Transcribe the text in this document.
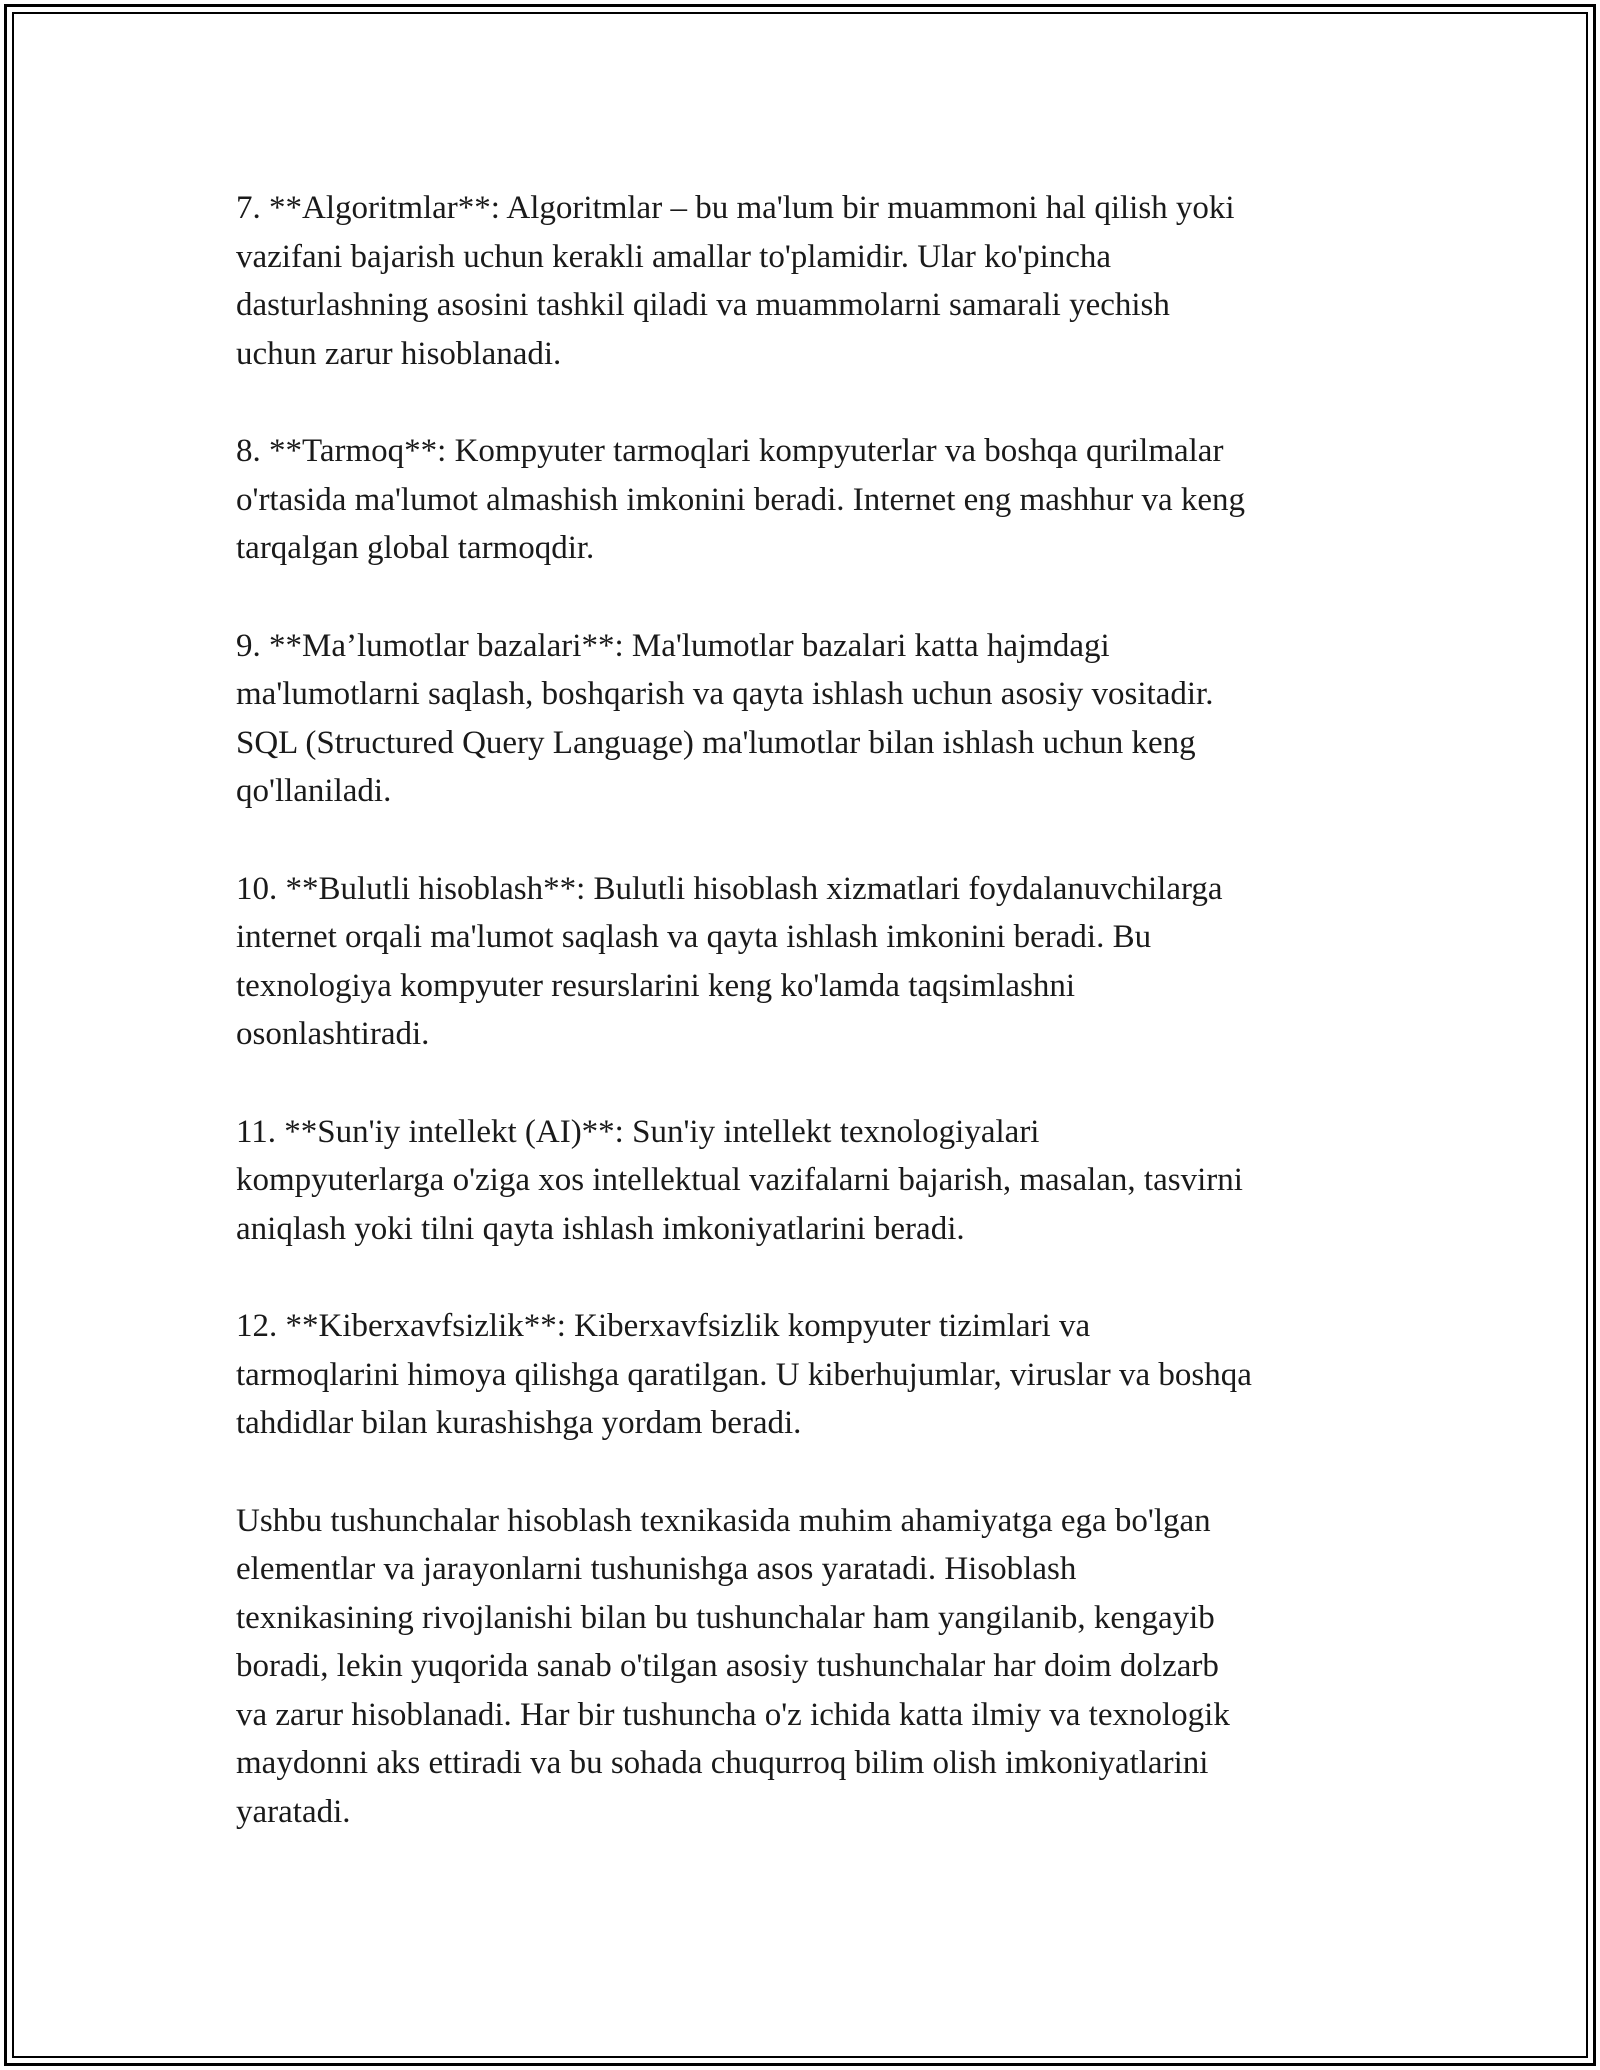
7. **Algoritmlar**: Algoritmlar – bu ma'lum bir muammoni hal qilish yoki
vazifani bajarish uchun kerakli amallar to'plamidir. Ular ko'pincha
dasturlashning asosini tashkil qiladi va muammolarni samarali yechish
uchun zarur hisoblanadi.

8. **Tarmoq**: Kompyuter tarmoqlari kompyuterlar va boshqa qurilmalar
o'rtasida ma'lumot almashish imkonini beradi. Internet eng mashhur va keng
tarqalgan global tarmoqdir.

9. **Ma’lumotlar bazalari**: Ma'lumotlar bazalari katta hajmdagi
ma'lumotlarni saqlash, boshqarish va qayta ishlash uchun asosiy vositadir.
SQL (Structured Query Language) ma'lumotlar bilan ishlash uchun keng
qo'llaniladi.

10. **Bulutli hisoblash**: Bulutli hisoblash xizmatlari foydalanuvchilarga
internet orqali ma'lumot saqlash va qayta ishlash imkonini beradi. Bu
texnologiya kompyuter resurslarini keng ko'lamda taqsimlashni
osonlashtiradi.

11. **Sun'iy intellekt (AI)**: Sun'iy intellekt texnologiyalari
kompyuterlarga o'ziga xos intellektual vazifalarni bajarish, masalan, tasvirni
aniqlash yoki tilni qayta ishlash imkoniyatlarini beradi.

12. **Kiberxavfsizlik**: Kiberxavfsizlik kompyuter tizimlari va
tarmoqlarini himoya qilishga qaratilgan. U kiberhujumlar, viruslar va boshqa
tahdidlar bilan kurashishga yordam beradi.

Ushbu tushunchalar hisoblash texnikasida muhim ahamiyatga ega bo'lgan
elementlar va jarayonlarni tushunishga asos yaratadi. Hisoblash
texnikasining rivojlanishi bilan bu tushunchalar ham yangilanib, kengayib
boradi, lekin yuqorida sanab o'tilgan asosiy tushunchalar har doim dolzarb
va zarur hisoblanadi. Har bir tushuncha o'z ichida katta ilmiy va texnologik
maydonni aks ettiradi va bu sohada chuqurroq bilim olish imkoniyatlarini
yaratadi.
